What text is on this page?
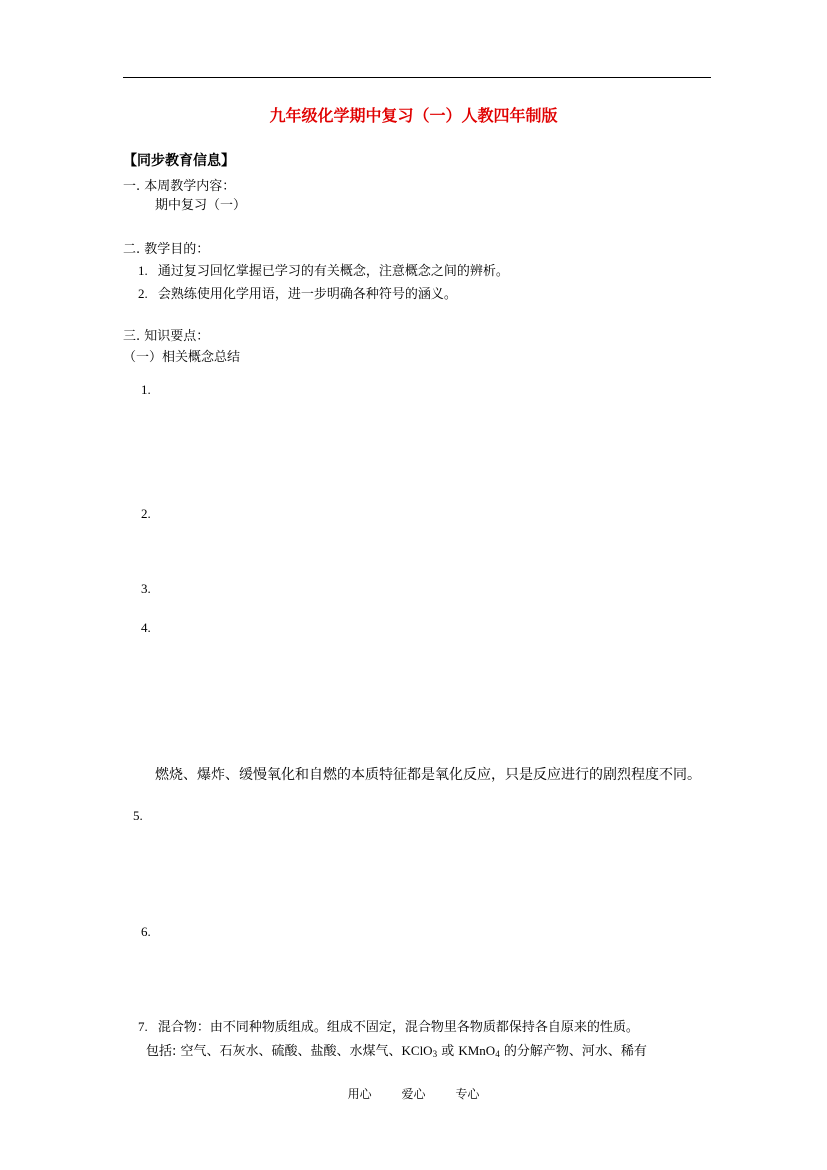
九年级化学期中复习（一）人教四年制版
【同步教育信息】
一. 本周教学内容：
期中复习（一）
二. 教学目的：
1. 通过复习回忆掌握已学习的有关概念，注意概念之间的辨析。
2. 会熟练使用化学用语，进一步明确各种符号的涵义。
三. 知识要点：
（一）相关概念总结
1.
2.
3.
4.
燃烧、爆炸、缓慢氧化和自燃的本质特征都是氧化反应，只是反应进行的剧烈程度不同。
5.
6.
7. 混合物：由不同种物质组成。组成不固定，混合物里各物质都保持各自原来的性质。
包括: 空气、石灰水、硫酸、盐酸、水煤气、KClO$_3$ 或 KMnO$_4$ 的分解产物、河水、稀有
用心 爱心 专心
